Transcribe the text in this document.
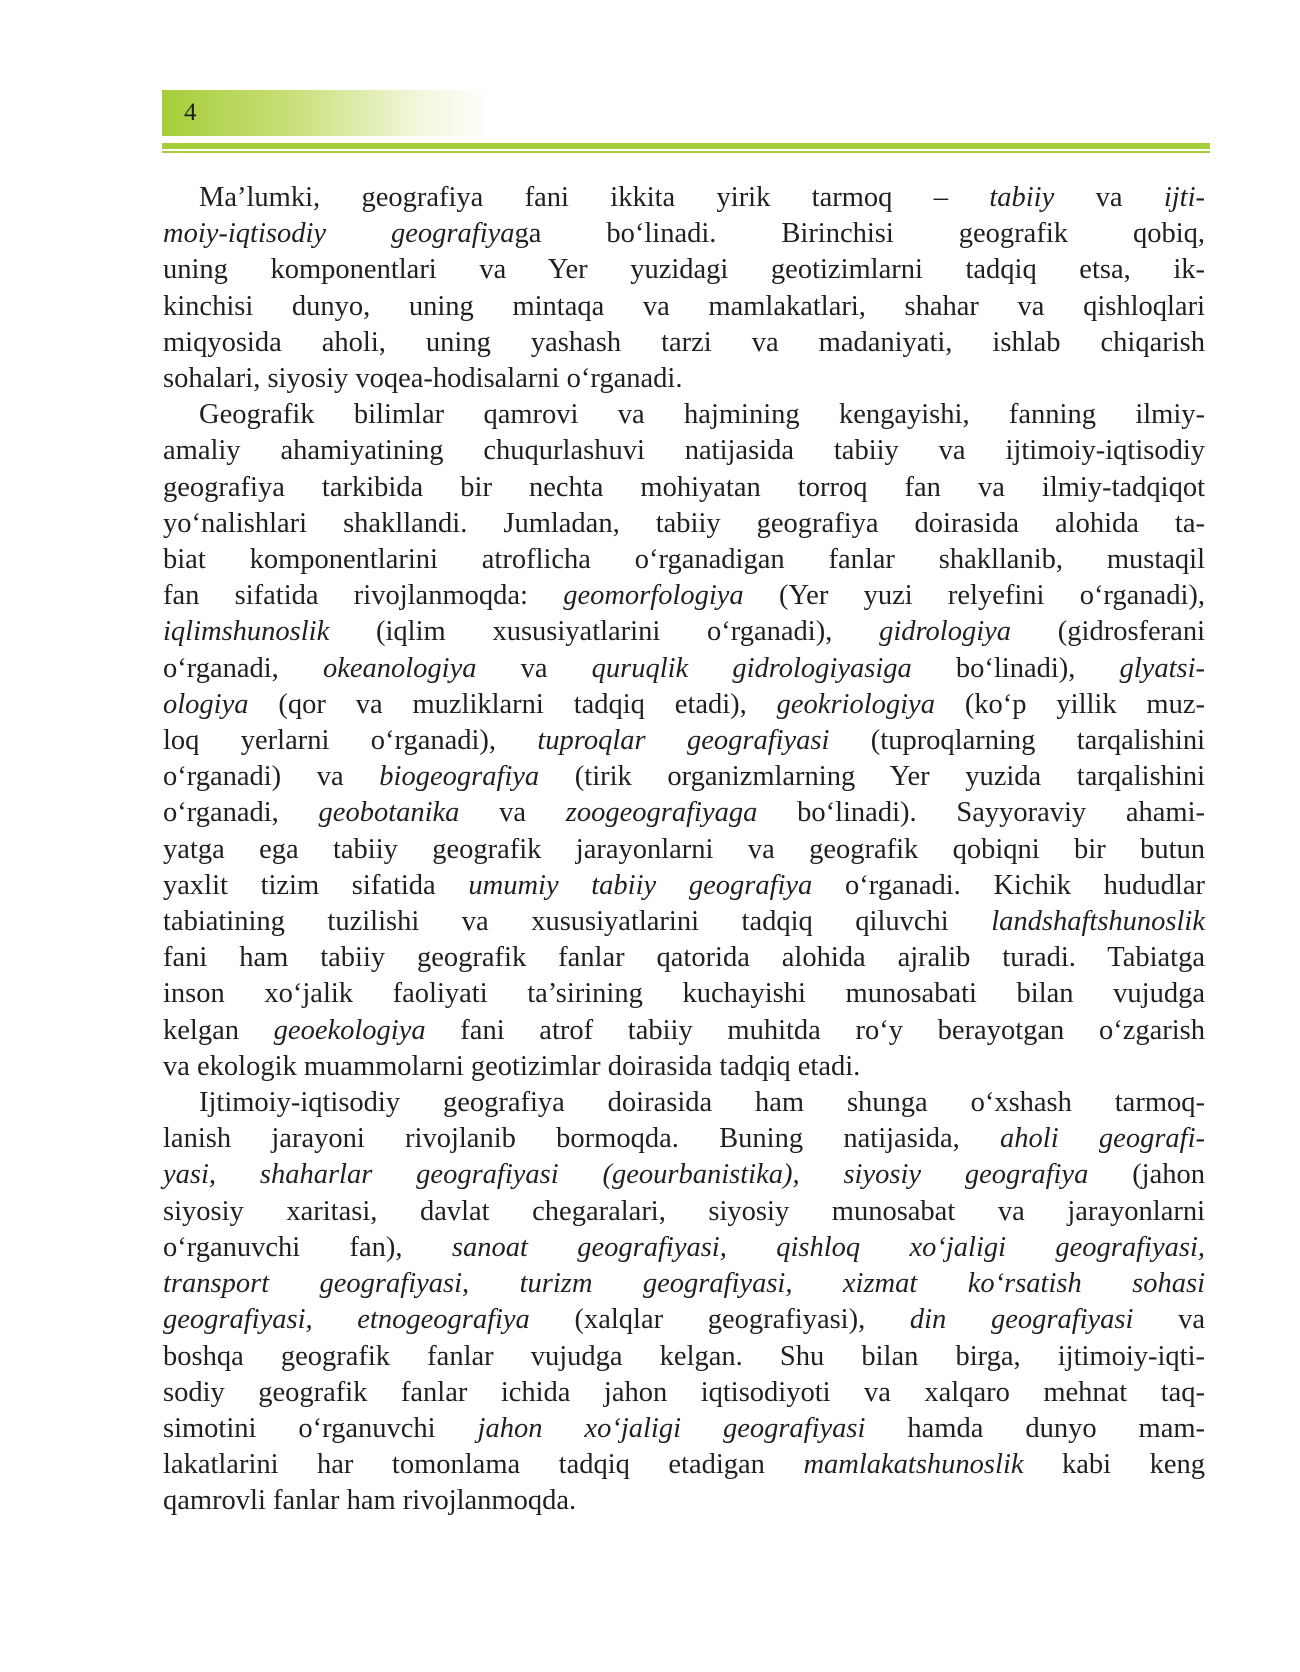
4
Ma’lumki, geografiya fani ikkita yirik tarmoq – tabiiy va ijti-
moiy-iqtisodiy geografiyaga bo‘linadi. Birinchisi geografik qobiq,
uning komponentlari va Yer yuzidagi geotizimlarni tadqiq etsa, ik-
kinchisi dunyo, uning mintaqa va mamlakatlari, shahar va qishloqlari
miqyosida aholi, uning yashash tarzi va madaniyati, ishlab chiqarish
sohalari, siyosiy voqea-hodisalarni o‘rganadi.
Geografik bilimlar qamrovi va hajmining kengayishi, fanning ilmiy-
amaliy ahamiyatining chuqurlashuvi natijasida tabiiy va ijtimoiy-iqtisodiy
geografiya tarkibida bir nechta mohiyatan torroq fan va ilmiy-tadqiqot
yo‘nalishlari shakllandi. Jumladan, tabiiy geografiya doirasida alohida ta-
biat komponentlarini atroflicha o‘rganadigan fanlar shakllanib, mustaqil
fan sifatida rivojlanmoqda: geomorfologiya (Yer yuzi relyefini o‘rganadi),
iqlimshunoslik (iqlim xususiyatlarini o‘rganadi), gidrologiya (gidrosferani
o‘rganadi, okeanologiya va quruqlik gidrologiyasiga bo‘linadi), glyatsi-
ologiya (qor va muzliklarni tadqiq etadi), geokriologiya (ko‘p yillik muz-
loq yerlarni o‘rganadi), tuproqlar geografiyasi (tuproqlarning tarqalishini
o‘rganadi) va biogeografiya (tirik organizmlarning Yer yuzida tarqalishini
o‘rganadi, geobotanika va zoogeografiyaga bo‘linadi). Sayyoraviy ahami-
yatga ega tabiiy geografik jarayonlarni va geografik qobiqni bir butun
yaxlit tizim sifatida umumiy tabiiy geografiya o‘rganadi. Kichik hududlar
tabiatining tuzilishi va xususiyatlarini tadqiq qiluvchi landshaftshunoslik
fani ham tabiiy geografik fanlar qatorida alohida ajralib turadi. Tabiatga
inson xo‘jalik faoliyati ta’sirining kuchayishi munosabati bilan vujudga
kelgan geoekologiya fani atrof tabiiy muhitda ro‘y berayotgan o‘zgarish
va ekologik muammolarni geotizimlar doirasida tadqiq etadi.
Ijtimoiy-iqtisodiy geografiya doirasida ham shunga o‘xshash tarmoq-
lanish jarayoni rivojlanib bormoqda. Buning natijasida, aholi geografi-
yasi, shaharlar geografiyasi (geourbanistika), siyosiy geografiya (jahon
siyosiy xaritasi, davlat chegaralari, siyosiy munosabat va jarayonlarni
o‘rganuvchi fan), sanoat geografiyasi, qishloq xo‘jaligi geografiyasi,
transport geografiyasi, turizm geografiyasi, xizmat ko‘rsatish sohasi
geografiyasi, etnogeografiya (xalqlar geografiyasi), din geografiyasi va
boshqa geografik fanlar vujudga kelgan. Shu bilan birga, ijtimoiy-iqti-
sodiy geografik fanlar ichida jahon iqtisodiyoti va xalqaro mehnat taq-
simotini o‘rganuvchi jahon xo‘jaligi geografiyasi hamda dunyo mam-
lakatlarini har tomonlama tadqiq etadigan mamlakatshunoslik kabi keng
qamrovli fanlar ham rivojlanmoqda.
